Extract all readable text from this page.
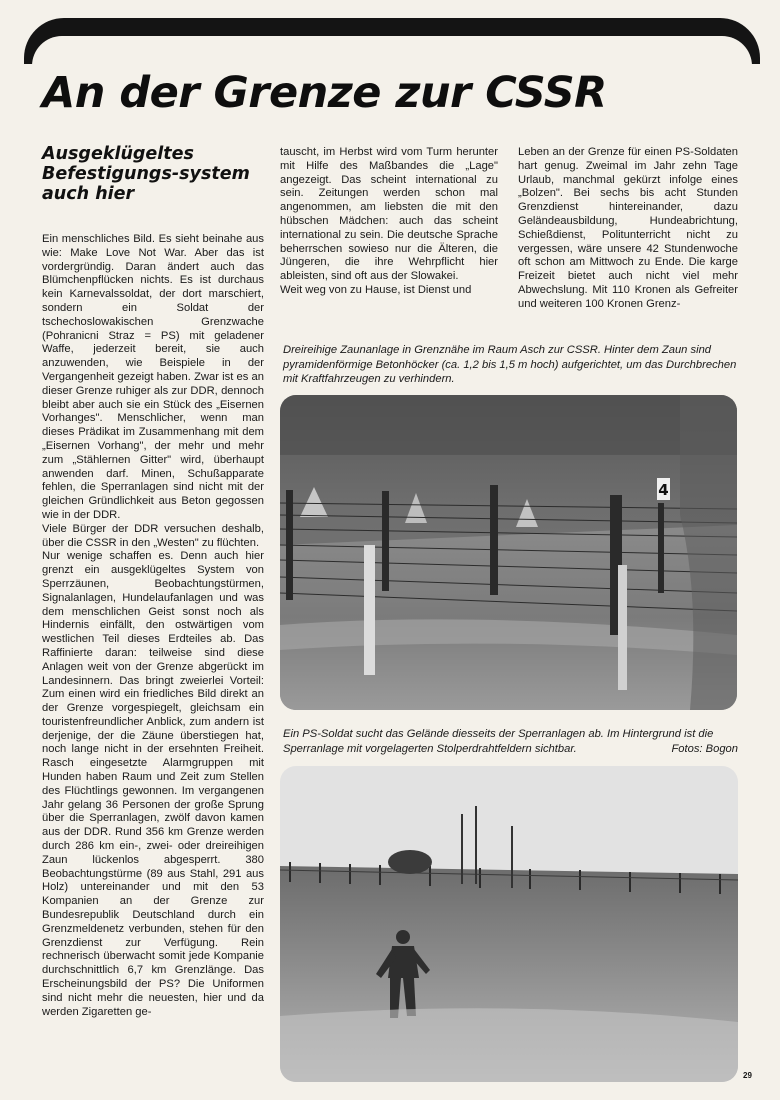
An der Grenze zur CSSR
Ausgeklügeltes Befestigungs-system auch hier

Ein menschliches Bild. Es sieht beinahe aus wie: Make Love Not War. Aber das ist vordergründig. Daran ändert auch das Blümchenpflücken nichts. Es ist durchaus kein Karnevalssoldat, der dort marschiert, sondern ein Soldat der tschechoslowakischen Grenzwache (Pohranicni Straz = PS) mit geladener Waffe, jederzeit bereit, sie auch anzuwenden, wie Beispiele in der Vergangenheit gezeigt haben. Zwar ist es an dieser Grenze ruhiger als zur DDR, dennoch bleibt aber auch sie ein Stück des „Eisernen Vorhanges". Menschlicher, wenn man dieses Prädikat im Zusammenhang mit dem „Eisernen Vorhang", der mehr und mehr zum „Stählernen Gitter" wird, überhaupt anwenden darf. Minen, Schußapparate fehlen, die Sperranlagen sind nicht mit der gleichen Gründlichkeit aus Beton gegossen wie in der DDR.

Viele Bürger der DDR versuchen deshalb, über die CSSR in den „Westen" zu flüchten.

Nur wenige schaffen es. Denn auch hier grenzt ein ausgeklügeltes System von Sperrzäunen, Beobachtungstürmen, Signalanlagen, Hundelaufanlagen und was dem menschlichen Geist sonst noch als Hindernis einfällt, den ostwärtigen vom westlichen Teil dieses Erdteiles ab. Das Raffinierte daran: teilweise sind diese Anlagen weit von der Grenze abgerückt im Landesinnern. Das bringt zweierlei Vorteil: Zum einen wird ein friedliches Bild direkt an der Grenze vorgespiegelt, gleichsam ein touristenfreundlicher Anblick, zum andern ist derjenige, der die Zäune überstiegen hat, noch lange nicht in der ersehnten Freiheit. Rasch eingesetzte Alarmgruppen mit Hunden haben Raum und Zeit zum Stellen des Flüchtlings gewonnen. Im vergangenen Jahr gelang 36 Personen der große Sprung über die Sperranlagen, zwölf davon kamen aus der DDR. Rund 356 km Grenze werden durch 286 km ein-, zwei- oder dreireihigen Zaun lückenlos abgesperrt. 380 Beobachtungstürme (89 aus Stahl, 291 aus Holz) untereinander und mit den 53 Kompanien an der Grenze zur Bundesrepublik Deutschland durch ein Grenzmeldenetz verbunden, stehen für den Grenzdienst zur Verfügung. Rein rechnerisch überwacht somit jede Kompanie durchschnittlich 6,7 km Grenzlänge. Das Erscheinungsbild der PS? Die Uniformen sind nicht mehr die neuesten, hier und da werden Zigaretten ge-

tauscht, im Herbst wird vom Turm herunter mit Hilfe des Maßbandes die „Lage" angezeigt. Das scheint international zu sein. Zeitungen werden schon mal angenommen, am liebsten die mit den hübschen Mädchen: auch das scheint international zu sein. Die deutsche Sprache beherrschen sowieso nur die Älteren, die Jüngeren, die ihre Wehrpflicht hier ableisten, sind oft aus der Slowakei.

Weit weg von zu Hause, ist Dienst und

Leben an der Grenze für einen PS-Soldaten hart genug. Zweimal im Jahr zehn Tage Urlaub, manchmal gekürzt infolge eines „Bolzen". Bei sechs bis acht Stunden Grenzdienst hintereinander, dazu Geländeausbildung, Hundeabrichtung, Schießdienst, Politunterricht nicht zu vergessen, wäre unsere 42 Stundenwoche oft schon am Mittwoch zu Ende. Die karge Freizeit bietet auch nicht viel mehr Abwechslung. Mit 110 Kronen als Gefreiter und weiteren 100 Kronen Grenz-

Dreireihige Zaunanlage in Grenznähe im Raum Asch zur CSSR. Hinter dem Zaun sind pyramidenförmige Betonhöcker (ca. 1,2 bis 1,5 m hoch) aufgerichtet, um das Durchbrechen mit Kraftfahrzeugen zu verhindern.
4
Ein PS-Soldat sucht das Gelände diesseits der Sperranlagen ab. Im Hintergrund ist die Sperranlage mit vorgelagerten Stolperdrahtfeldern sichtbar.	Fotos: Bogon
29
